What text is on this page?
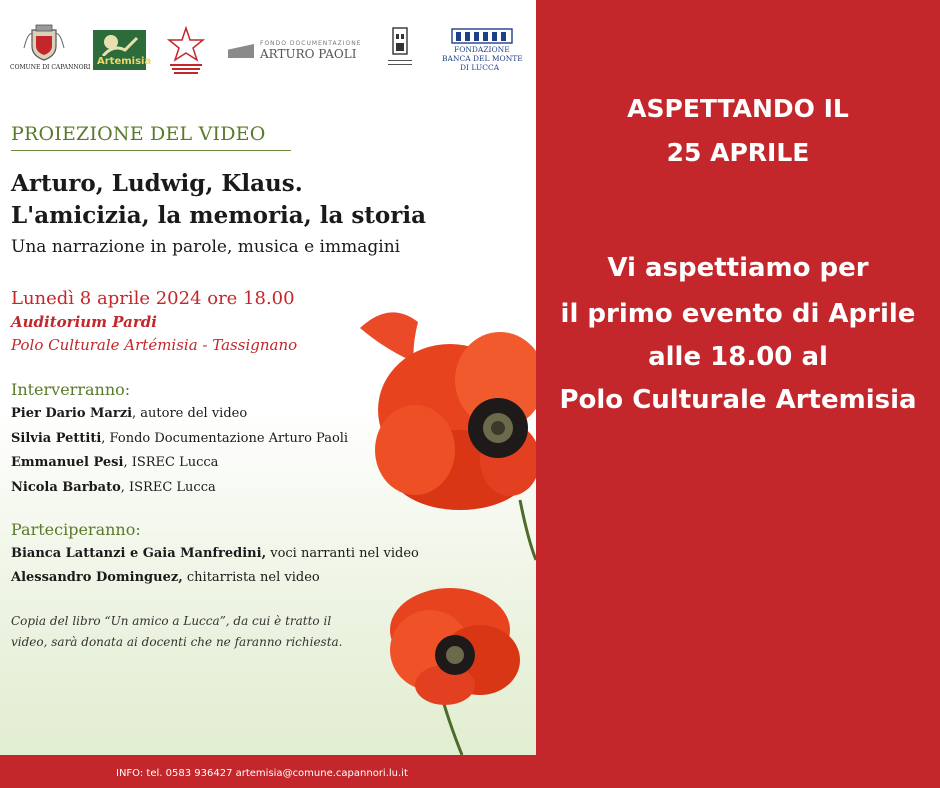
COMUNE DI CAPANNORI
Artemisia
FONDO DOCUMENTAZIONE
ARTURO PAOLI	FONDAZIONE
BANCA DEL MONTE
DI LUCCA
PROIEZIONE DEL VIDEO
Arturo, Ludwig, Klaus.
L'amicizia, la memoria, la storia
Una narrazione in parole, musica e immagini
Lunedì 8 aprile 2024 ore 18.00
Auditorium Pardi
Polo Culturale Artémisia - Tassignano
Interverranno:
Pier Dario Marzi, autore del video
Silvia Pettiti, Fondo Documentazione Arturo Paoli
Emmanuel Pesi, ISREC Lucca
Nicola Barbato, ISREC Lucca
Parteciperanno:
Bianca Lattanzi e Gaia Manfredini, voci narranti nel video
Alessandro Dominguez, chitarrista nel video
Copia del libro “Un amico a Lucca”, da cui è tratto il
video, sarà donata ai docenti che ne faranno richiesta.
INFO: tel. 0583 936427 artemisia@comune.capannori.lu.it
ASPETTANDO IL
25 APRILE
Vi aspettiamo per
il primo evento di Aprile
alle 18.00 al
Polo Culturale Artemisia
